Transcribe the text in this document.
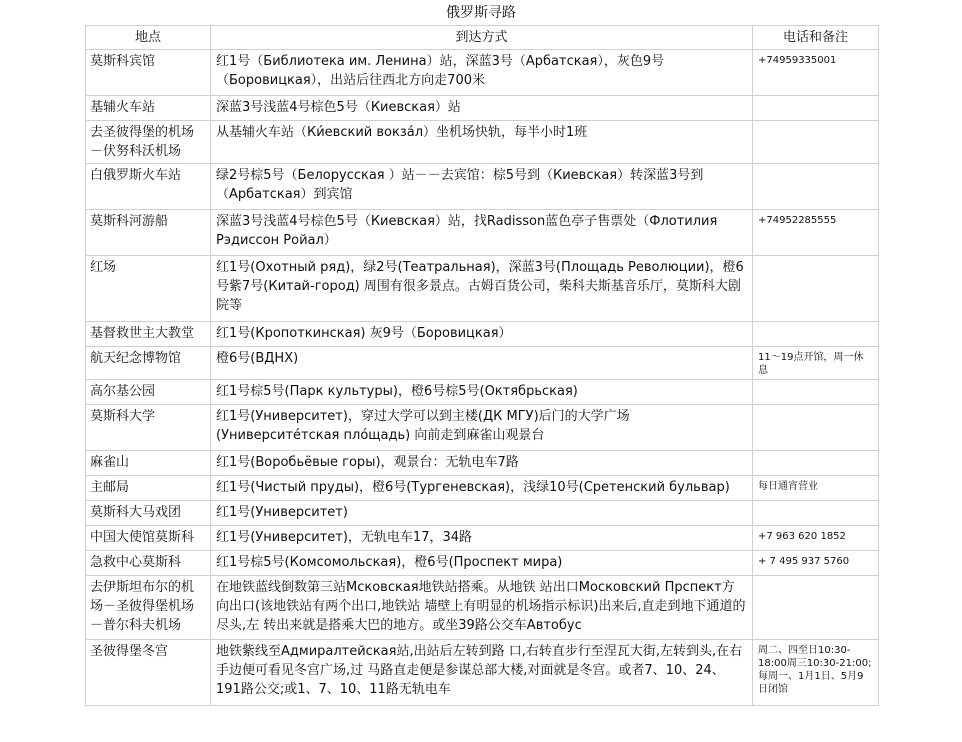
俄罗斯寻路
地点	到达方式	电话和备注
莫斯科宾馆	红1号（Библиотека им. Ленина）站，深蓝3号（Арбатская），灰色9号（Боровицкая），出站后往西北方向走700米	+74959335001
基辅火车站	深蓝3号浅蓝4号棕色5号（Киевская）站	
去圣彼得堡的机场－伏努科沃机场	从基辅火车站（Ки́евский вокза́л）坐机场快轨，每半小时1班	
白俄罗斯火车站	绿2号棕5号（Белорусская ）站－－去宾馆：棕5号到（Киевская）转深蓝3号到（Арбатская）到宾馆	
莫斯科河游船	深蓝3号浅蓝4号棕色5号（Киевская）站，找Radisson蓝色亭子售票处（Флотилия Рэдиссон Ройал）	+74952285555
红场	红1号(Охотный ряд)，绿2号(Театральная)，深蓝3号(Площадь Революции)，橙6号紫7号(Китай-город) 周围有很多景点。古姆百货公司，柴科夫斯基音乐厅，莫斯科大剧院等	
基督救世主大教堂	红1号(Кропоткинская) 灰9号（Боровицкая）	
航天纪念博物馆	橙6号(ВДНХ)	11～19点开馆，周一休息
高尔基公园	红1号棕5号(Парк культуры)，橙6号棕5号(Октябрьская)	
莫斯科大学	红1号(Университет)，穿过大学可以到主楼(ДК МГУ)后门的大学广场(Университе́тская пло́щадь) 向前走到麻雀山观景台	
麻雀山	红1号(Воробьёвые горы)，观景台：无轨电车7路	
主邮局	红1号(Чистый пруды)，橙6号(Тургеневская)，浅绿10号(Сретенский бульвар)	每日通宵营业
莫斯科大马戏团	红1号(Университет)	
中国大使馆莫斯科	红1号(Университет)，无轨电车17，34路	+7 963 620 1852
急救中心莫斯科	红1号棕5号(Комсомольская)，橙6号(Проспект мира)	+ 7 495 937 5760
去伊斯坦布尔的机场－圣彼得堡机场－普尔科夫机场	在地铁蓝线倒数第三站Мсковская地铁站搭乘。从地铁 站出口Московский Прспект方向出口(该地铁站有两个出口,地铁站 墙壁上有明显的机场指示标识)出来后,直走到地下通道的尽头,左 转出来就是搭乘大巴的地方。或坐39路公交车Автобус	
圣彼得堡冬宫	地铁紫线至Адмиралтейская站,出站后左转到路 口,右转直步行至涅瓦大街,左转到头,在右手边便可看见冬宫广场,过 马路直走便是参谋总部大楼,对面就是冬宫。或者7、10、24、191路公交;或1、7、10、11路无轨电车	周二、四至日10:30-18:00周三10:30-21:00;每周一、1月1日、5月9日闭馆
